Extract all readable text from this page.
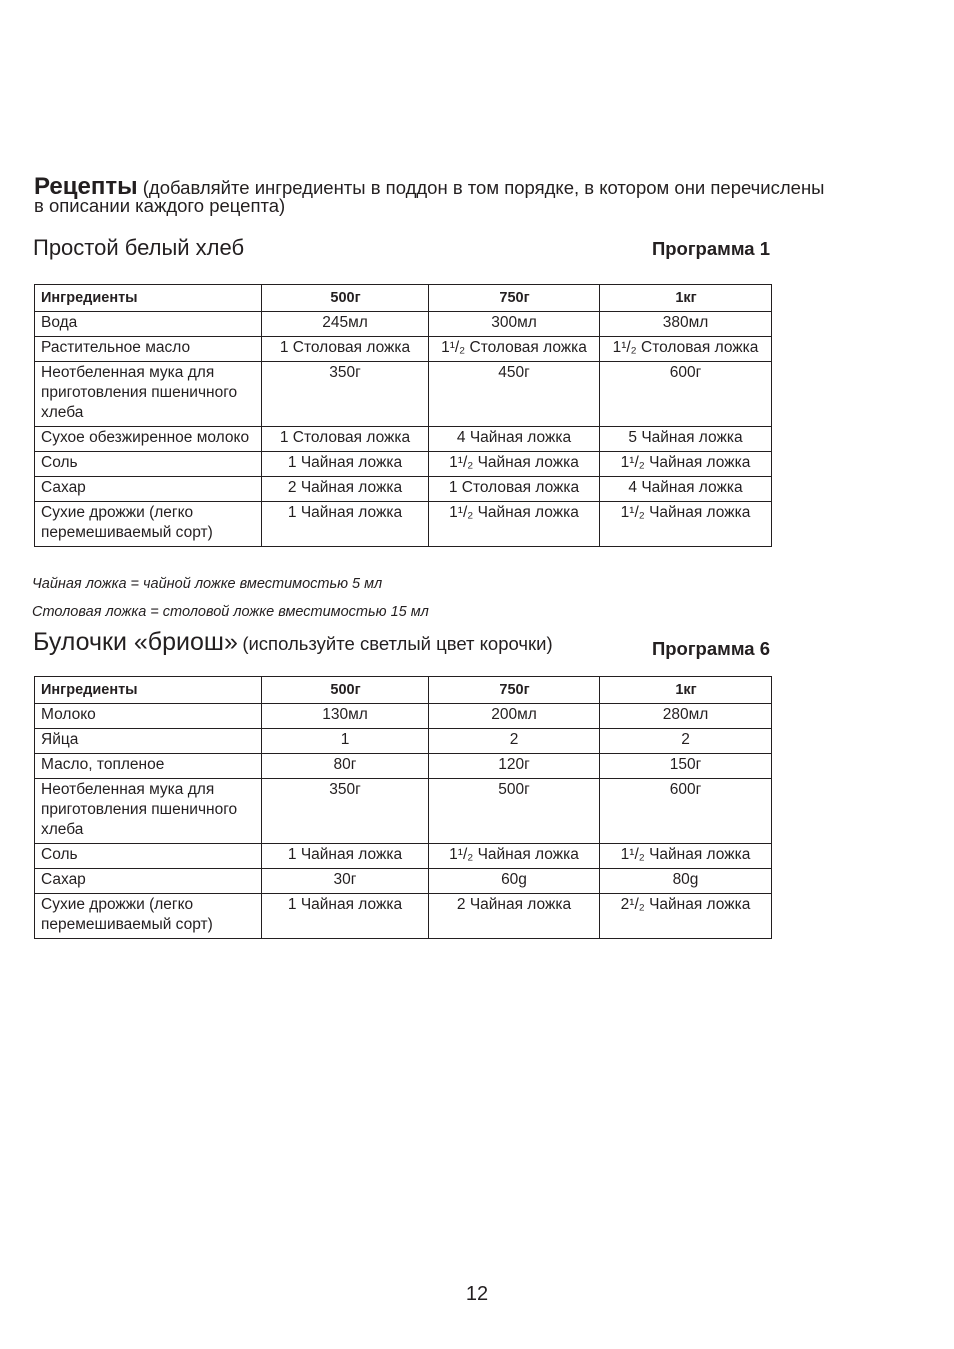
Рецепты (добавляйте ингредиенты в поддон в том порядке, в котором они перечислены
в описании каждого рецепта)
Простой белый хлеб	Программа 1
Ингредиенты	500г	750г	1кг
Вода	245мл	300мл	380мл
Растительное масло	1 Столовая ложка	1¹/₂ Столовая ложка	1¹/₂ Столовая ложка
Неотбеленная мука для приготовления пшеничного хлеба	350г	450г	600г
Сухое обезжиренное молоко	1 Столовая ложка	4 Чайная ложка	5 Чайная ложка
Соль	1 Чайная ложка	1¹/₂ Чайная ложка	1¹/₂ Чайная ложка
Сахар	2 Чайная ложка	1 Столовая ложка	4 Чайная ложка
Сухие дрожжи (легко перемешиваемый сорт)	1 Чайная ложка	1¹/₂ Чайная ложка	1¹/₂ Чайная ложка
Чайная ложка = чайной ложке вместимостью 5 мл
Столовая ложка = столовой ложке вместимостью 15 мл
Булочки «бриош» (используйте светлый цвет корочки)	Программа 6
Ингредиенты	500г	750г	1кг
Молоко	130мл	200мл	280мл
Яйца	1	2	2
Масло, топленое	80г	120г	150г
Неотбеленная мука для приготовления пшеничного хлеба	350г	500г	600г
Соль	1 Чайная ложка	1¹/₂ Чайная ложка	1¹/₂ Чайная ложка
Сахар	30г	60g	80g
Сухие дрожжи (легко перемешиваемый сорт)	1 Чайная ложка	2 Чайная ложка	2¹/₂ Чайная ложка
12
